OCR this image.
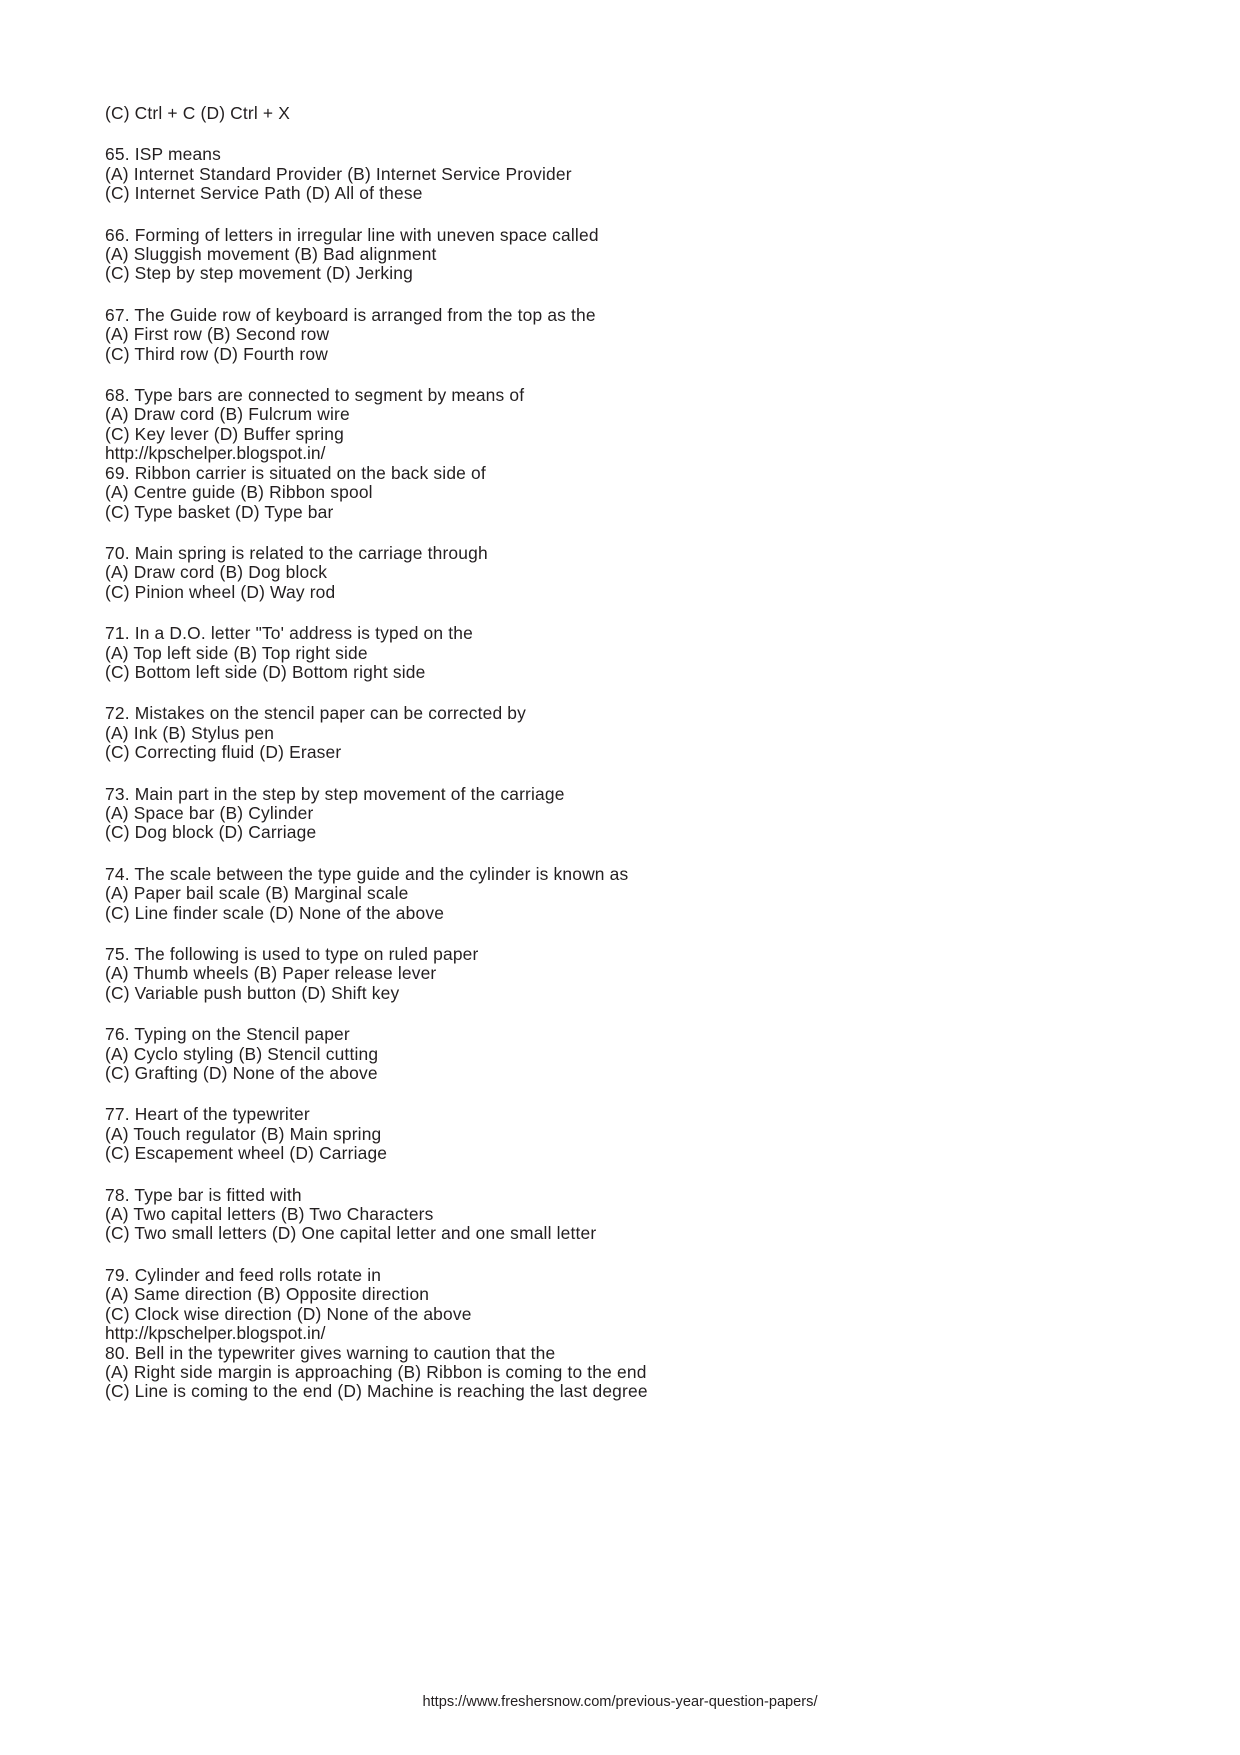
(C) Ctrl + C (D) Ctrl + X
65. ISP means
(A) Internet Standard Provider (B) Internet Service Provider
(C) Internet Service Path (D) All of these
66. Forming of letters in irregular line with uneven space called
(A) Sluggish movement (B) Bad alignment
(C) Step by step movement (D) Jerking
67. The Guide row of keyboard is arranged from the top as the
(A) First row (B) Second row
(C) Third row (D) Fourth row
68. Type bars are connected to segment by means of
(A) Draw cord (B) Fulcrum wire
(C) Key lever (D) Buffer spring
http://kpschelper.blogspot.in/
69. Ribbon carrier is situated on the back side of
(A) Centre guide (B) Ribbon spool
(C) Type basket (D) Type bar
70. Main spring is related to the carriage through
(A) Draw cord (B) Dog block
(C) Pinion wheel (D) Way rod
71. In a D.O. letter "To' address is typed on the
(A) Top left side (B) Top right side
(C) Bottom left side (D) Bottom right side
72. Mistakes on the stencil paper can be corrected by
(A) Ink (B) Stylus pen
(C) Correcting fluid (D) Eraser
73. Main part in the step by step movement of the carriage
(A) Space bar (B) Cylinder
(C) Dog block (D) Carriage
74. The scale between the type guide and the cylinder is known as
(A) Paper bail scale (B) Marginal scale
(C) Line finder scale (D) None of the above
75. The following is used to type on ruled paper
(A) Thumb wheels (B) Paper release lever
(C) Variable push button (D) Shift key
76. Typing on the Stencil paper
(A) Cyclo styling (B) Stencil cutting
(C) Grafting (D) None of the above
77. Heart of the typewriter
(A) Touch regulator (B) Main spring
(C) Escapement wheel (D) Carriage
78. Type bar is fitted with
(A) Two capital letters (B) Two Characters
(C) Two small letters (D) One capital letter and one small letter
79. Cylinder and feed rolls rotate in
(A) Same direction (B) Opposite direction
(C) Clock wise direction (D) None of the above
http://kpschelper.blogspot.in/
80. Bell in the typewriter gives warning to caution that the
(A) Right side margin is approaching (B) Ribbon is coming to the end
(C) Line is coming to the end (D) Machine is reaching the last degree
https://www.freshersnow.com/previous-year-question-papers/
